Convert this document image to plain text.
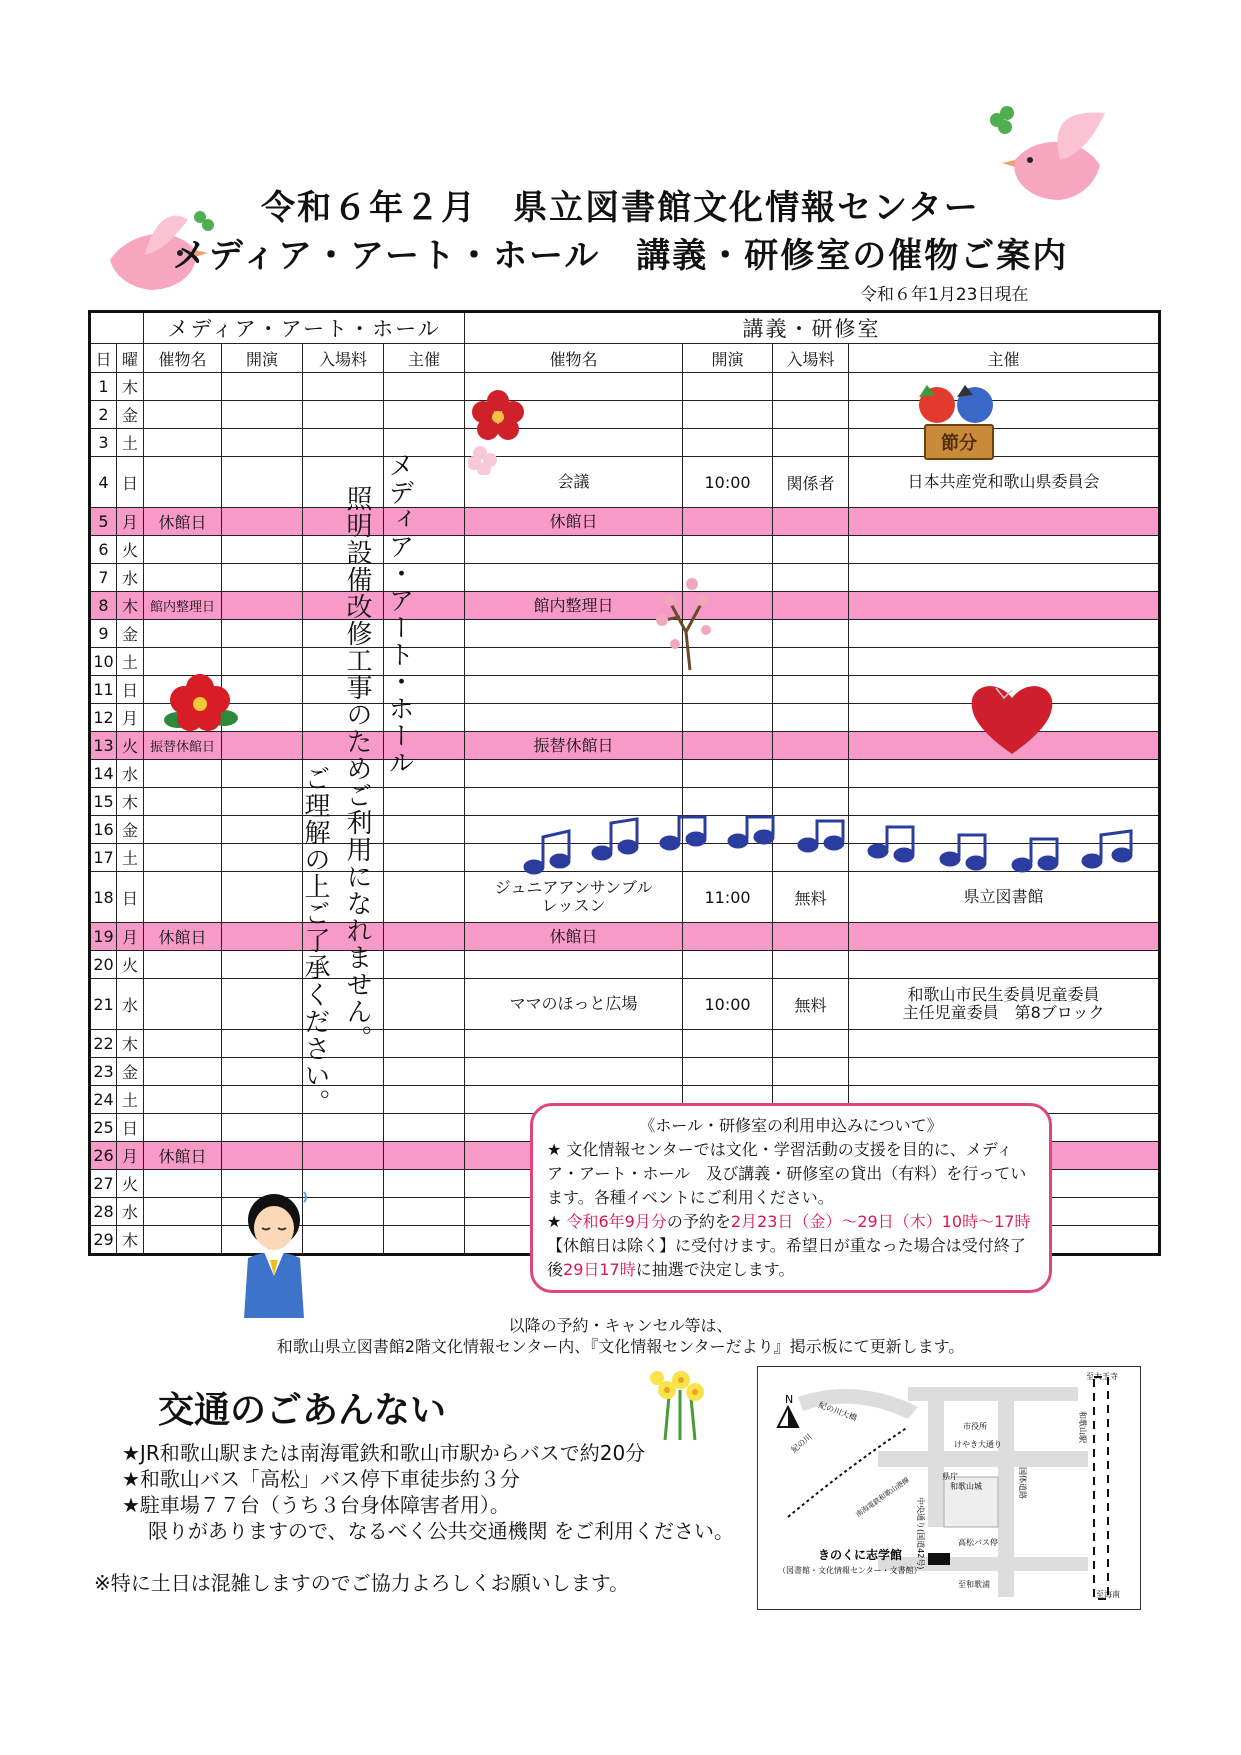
令和６年２月　県立図書館文化情報センター
メディア・アート・ホール　講義・研修室の催物ご案内
令和６年1月23日現在
		メディア・アート・ホール				講義・研修室			
日	曜	催物名	開演	入場料	主催	催物名	開演	入場料	主催
1	木								
2	金								
3	土								
4	日					会議	10:00	関係者	日本共産党和歌山県委員会
5	月	休館日				休館日			
6	火								
7	水								
8	木	館内整理日				館内整理日			
9	金								
10	土								
11	日								
12	月								
13	火	振替休館日				振替休館日			
14	水								
15	木								
16	金								
17	土								
18	日					ジュニアアンサンブル
レッスン	11:00	無料	県立図書館
19	月	休館日				休館日			
20	火								
21	水					ママのほっと広場	10:00	無料	和歌山市民生委員児童委員
主任児童委員　第8ブロック
22	木								
23	金								
24	土								
25	日								
26	月	休館日							
27	火								
28	水								
29	木								
メディア・アート・ホール
照明設備改修工事のためご利用になれません。
ご理解の上ご了承ください。
節分
《ホール・研修室の利用申込みについて》
★ 文化情報センターでは文化・学習活動の支援を目的に、メディア・アート・ホール　及び講義・研修室の貸出（有料）を行っています。各種イベントにご利用ください。
★ 令和6年9月分の予約を2月23日（金）～29日（木）10時～17時【休館日は除く】に受付けます。希望日が重なった場合は受付終了後29日17時に抽選で決定します。
以降の予約・キャンセル等は、
和歌山県立図書館2階文化情報センター内、『文化情報センターだより』掲示板にて更新します。
交通のごあんない
★JR和歌山駅または南海電鉄和歌山市駅からバスで約20分
★和歌山バス「高松」バス停下車徒歩約３分
★駐車場７７台（うち３台身体障害者用）。
限りがありますので、なるべく公共交通機関 をご利用ください。
※特に土日は混雑しますのでご協力よろしくお願いします。
N
きのくに志学館
（図書館・文化情報センター・文書館）
紀の川大橋
紀の川
和歌山城
市役所
けやき大通り
県庁
中央通り(国道42号)
国体道路
高松バス停
和歌山駅
至和歌浦
至海南
至大王寺
南海電鉄和歌山港線
